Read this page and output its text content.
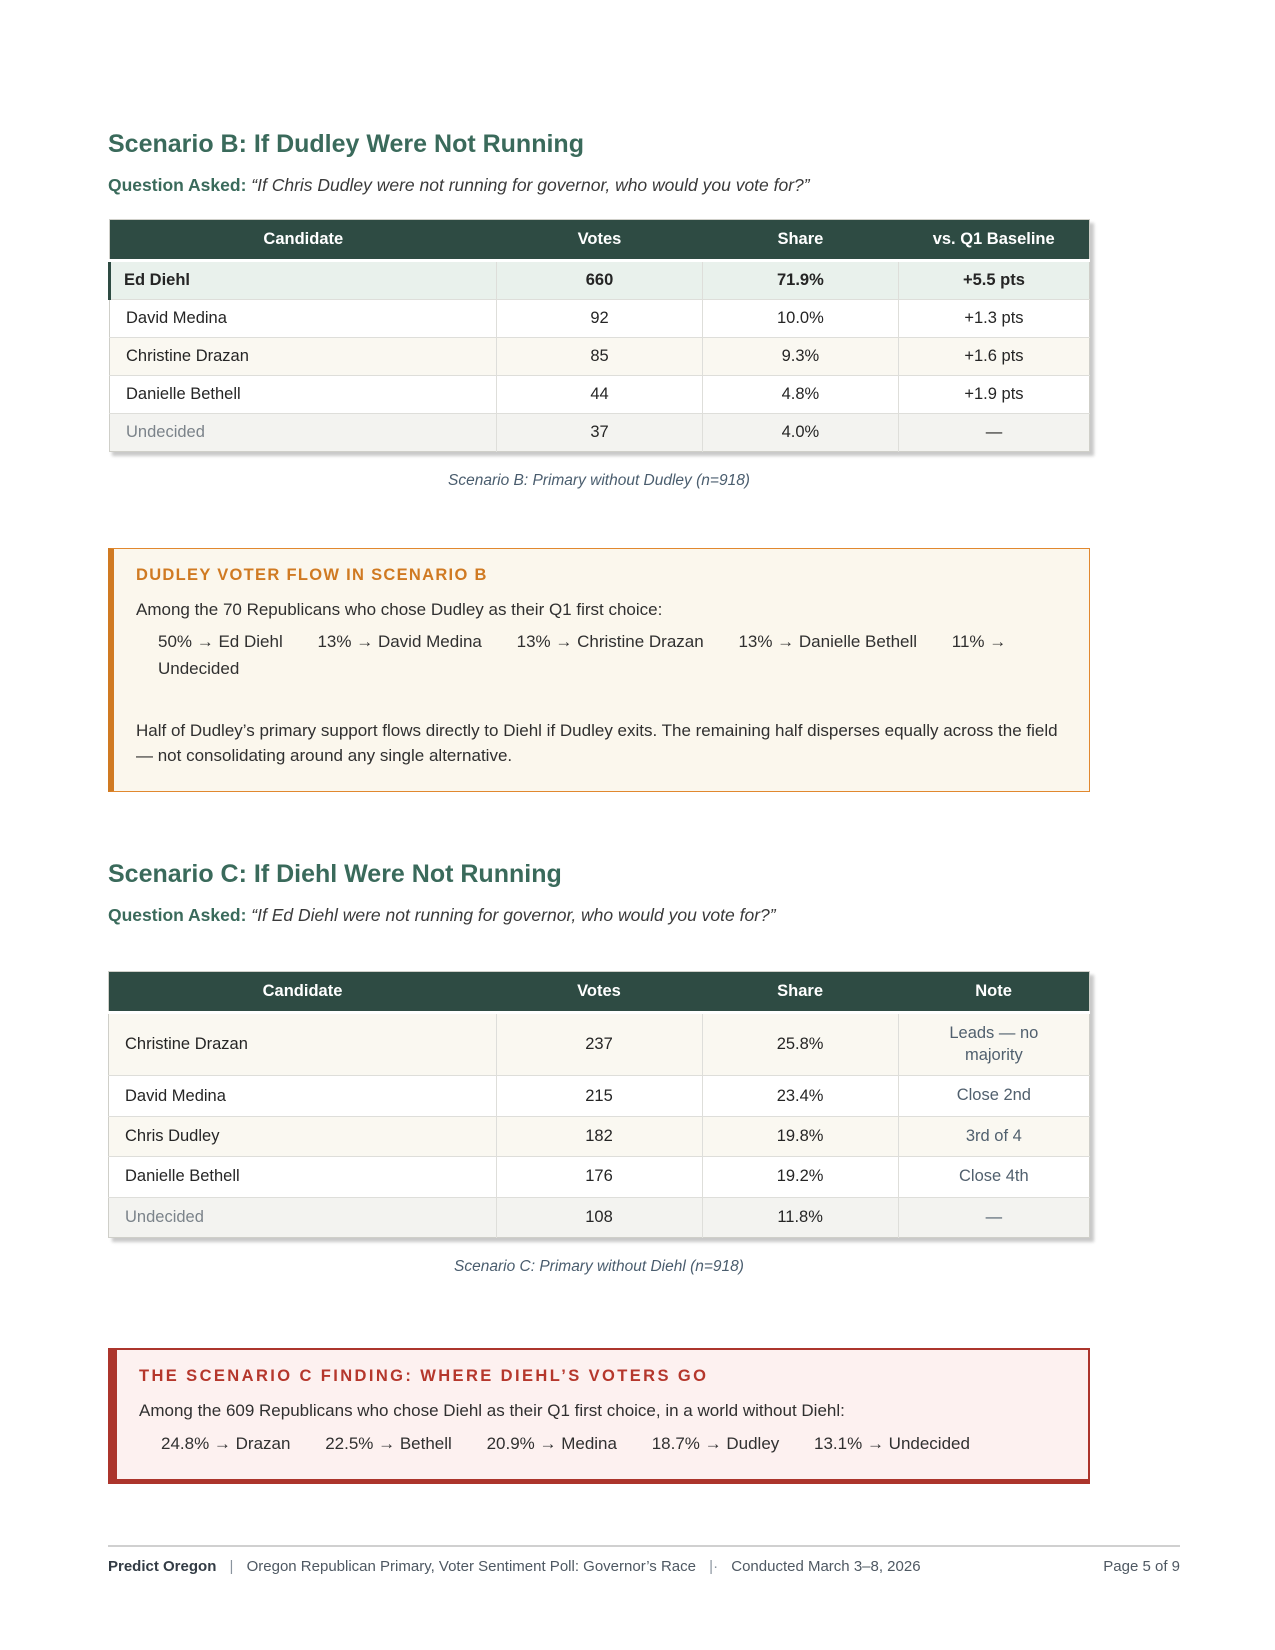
Scenario B: If Dudley Were Not Running
Question Asked: “If Chris Dudley were not running for governor, who would you vote for?”
Candidate	Votes	Share	vs. Q1 Baseline
Ed Diehl	660	71.9%	+5.5 pts
David Medina	92	10.0%	+1.3 pts
Christine Drazan	85	9.3%	+1.6 pts
Danielle Bethell	44	4.8%	+1.9 pts
Undecided	37	4.0%	—
Scenario B: Primary without Dudley (n=918)
DUDLEY VOTER FLOW IN SCENARIO B
Among the 70 Republicans who chose Dudley as their Q1 first choice:
50% → Ed Diehl 13% → David Medina 13% → Christine Drazan 13% → Danielle Bethell 11% → Undecided
Half of Dudley’s primary support flows directly to Diehl if Dudley exits. The remaining half disperses equally across the field — not consolidating around any single alternative.
Scenario C: If Diehl Were Not Running
Question Asked: “If Ed Diehl were not running for governor, who would you vote for?”
Candidate	Votes	Share	Note
Christine Drazan	237	25.8%	Leads — no majority
David Medina	215	23.4%	Close 2nd
Chris Dudley	182	19.8%	3rd of 4
Danielle Bethell	176	19.2%	Close 4th
Undecided	108	11.8%	—
Scenario C: Primary without Diehl (n=918)
THE SCENARIO C FINDING: WHERE DIEHL’S VOTERS GO
Among the 609 Republicans who chose Diehl as their Q1 first choice, in a world without Diehl:
24.8% → Drazan 22.5% → Bethell 20.9% → Medina 18.7% → Dudley 13.1% → Undecided
Predict Oregon | Oregon Republican Primary, Voter Sentiment Poll: Governor’s Race |· Conducted March 3–8, 2026	Page 5 of 9
